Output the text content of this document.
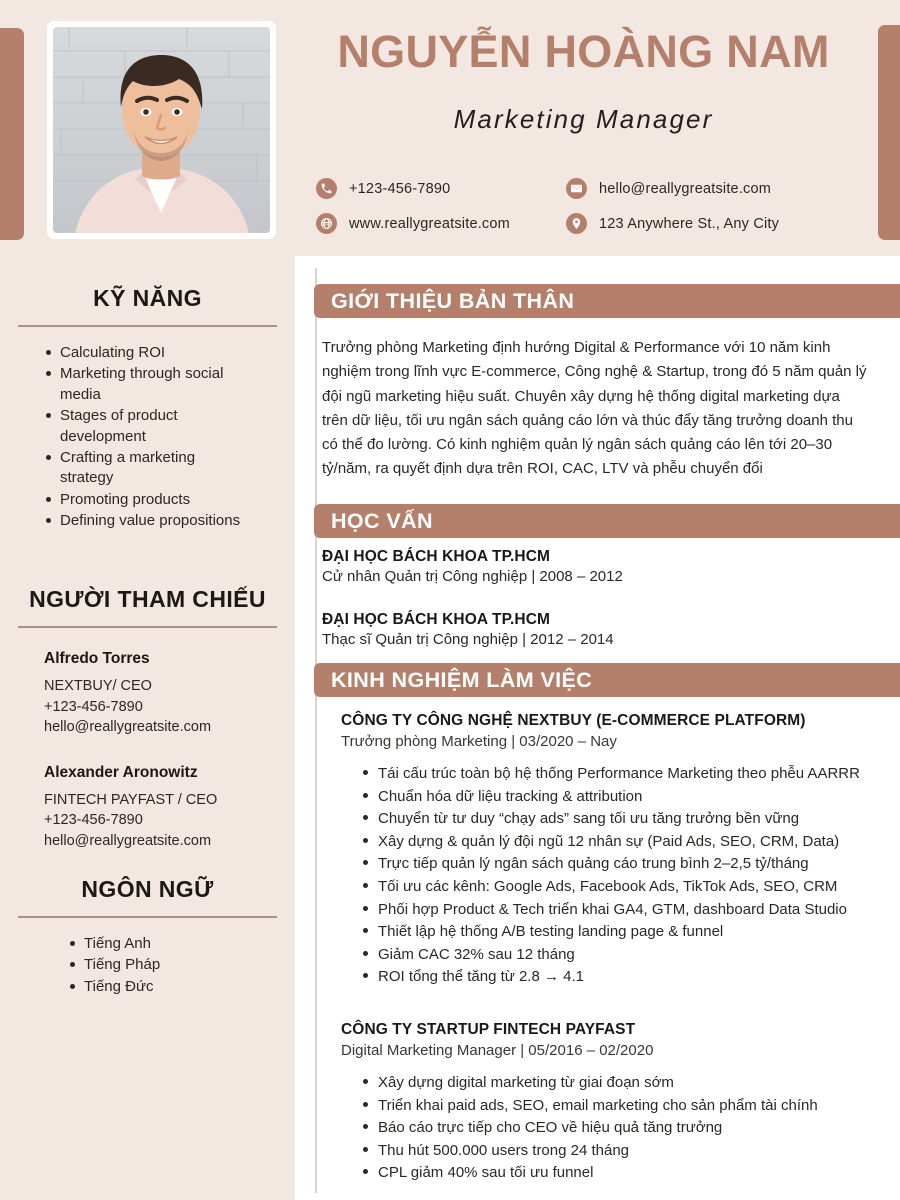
NGUYỄN HOÀNG NAM
Marketing Manager
+123-456-7890	hello@reallygreatsite.com
www.reallygreatsite.com	123 Anywhere St., Any City
KỸ NĂNG
Calculating ROI
Marketing through social media
Stages of product development
Crafting a marketing strategy
Promoting products
Defining value propositions
NGƯỜI THAM CHIẾU
Alfredo Torres
NEXTBUY/ CEO
+123-456-7890
hello@reallygreatsite.com
Alexander Aronowitz
FINTECH PAYFAST / CEO
+123-456-7890
hello@reallygreatsite.com
NGÔN NGỮ
Tiếng Anh
Tiếng Pháp
Tiếng Đức
GIỚI THIỆU BẢN THÂN
Trưởng phòng Marketing định hướng Digital & Performance với 10 năm kinh nghiệm trong lĩnh vực E-commerce, Công nghệ & Startup, trong đó 5 năm quản lý đội ngũ marketing hiệu suất. Chuyên xây dựng hệ thống digital marketing dựa trên dữ liệu, tối ưu ngân sách quảng cáo lớn và thúc đẩy tăng trưởng doanh thu có thể đo lường. Có kinh nghiệm quản lý ngân sách quảng cáo lên tới 20–30 tỷ/năm, ra quyết định dựa trên ROI, CAC, LTV và phễu chuyển đổi
HỌC VẤN
ĐẠI HỌC BÁCH KHOA TP.HCM
Cử nhân Quản trị Công nghiệp | 2008 – 2012
ĐẠI HỌC BÁCH KHOA TP.HCM
Thạc sĩ Quản trị Công nghiệp | 2012 – 2014
KINH NGHIỆM LÀM VIỆC
CÔNG TY CÔNG NGHỆ NEXTBUY (E-COMMERCE PLATFORM)
Trưởng phòng Marketing | 03/2020 – Nay
Tái cấu trúc toàn bộ hệ thống Performance Marketing theo phễu AARRR
Chuẩn hóa dữ liệu tracking & attribution
Chuyển từ tư duy “chạy ads” sang tối ưu tăng trưởng bền vững
Xây dựng & quản lý đội ngũ 12 nhân sự (Paid Ads, SEO, CRM, Data)
Trực tiếp quản lý ngân sách quảng cáo trung bình 2–2,5 tỷ/tháng
Tối ưu các kênh: Google Ads, Facebook Ads, TikTok Ads, SEO, CRM
Phối hợp Product & Tech triển khai GA4, GTM, dashboard Data Studio
Thiết lập hệ thống A/B testing landing page & funnel
Giảm CAC 32% sau 12 tháng
ROI tổng thể tăng từ 2.8 → 4.1
CÔNG TY STARTUP FINTECH PAYFAST
Digital Marketing Manager | 05/2016 – 02/2020
Xây dựng digital marketing từ giai đoạn sớm
Triển khai paid ads, SEO, email marketing cho sản phẩm tài chính
Báo cáo trực tiếp cho CEO về hiệu quả tăng trưởng
Thu hút 500.000 users trong 24 tháng
CPL giảm 40% sau tối ưu funnel
